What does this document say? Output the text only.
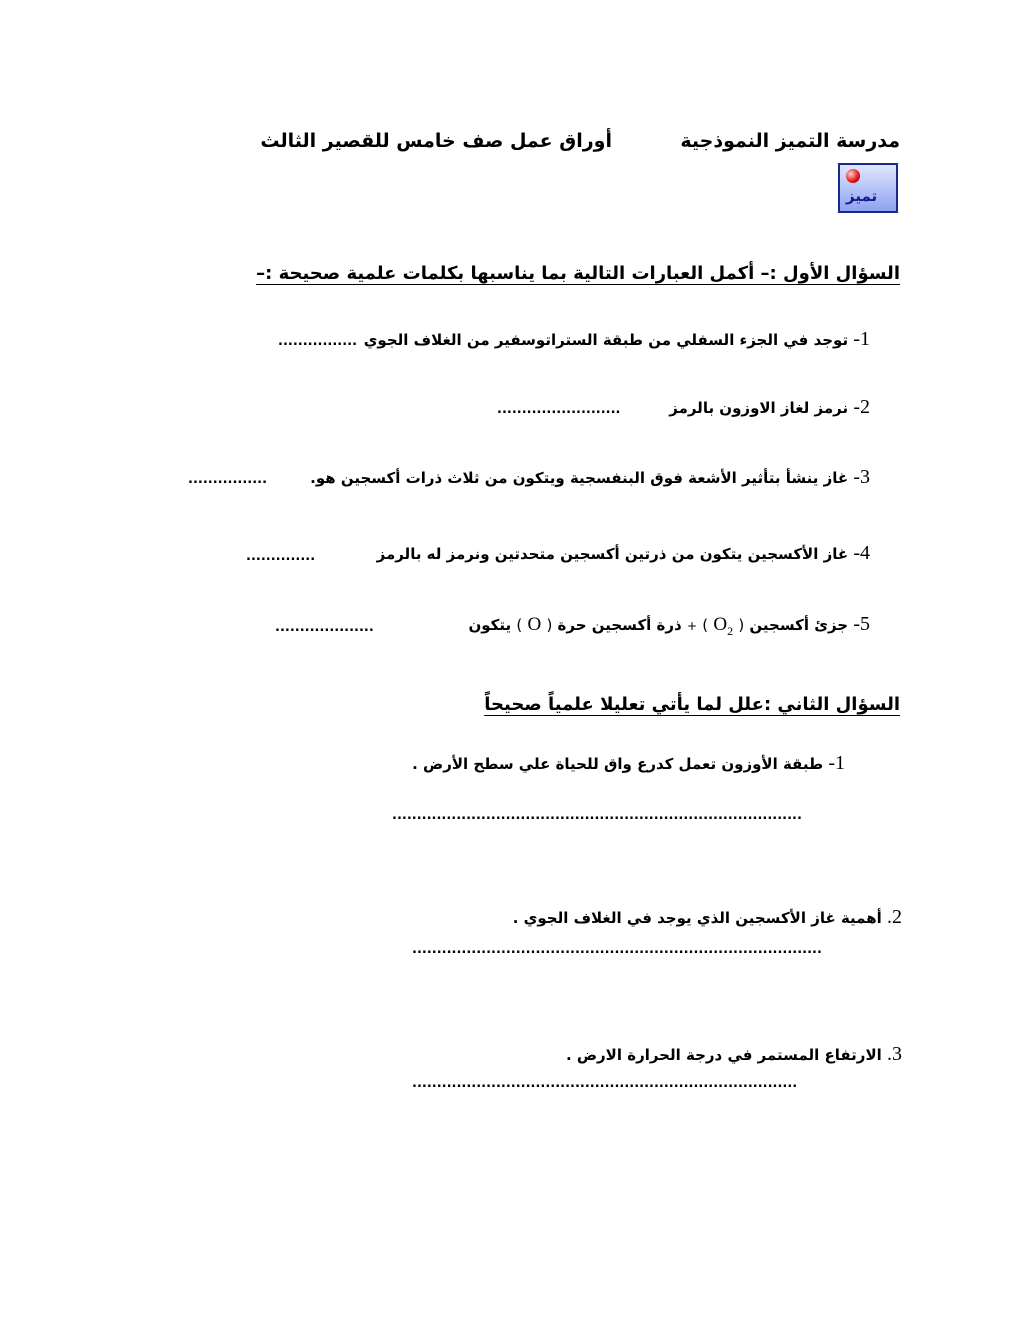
مدرسة التميز النموذجية
أوراق عمل صف خامس للقصير الثالث
تميز
السؤال الأول :– أكمل العبارات التالية بما يناسبها بكلمات علمية صحيحة :–
1- توجد في الجزء السفلي من طبقة الستراتوسفير من الغلاف الجوي
................
2- نرمز لغاز الاوزون بالرمز
.........................
3- غاز ينشأ بتأثير الأشعة فوق البنفسجية ويتكون من ثلاث ذرات أكسجين هو.
................
4- غاز الأكسجين يتكون من ذرتين أكسجين متحدتين ونرمز له بالرمز
..............
5- جزئ أكسجين ( $O_2$ ) + ذرة أكسجين حرة ( O ) يتكون
....................
السؤال الثاني :علل لما يأتي تعليلا علمياً صحيحاً
1- طبقة الأوزون تعمل كدرع واق للحياة علي سطح الأرض .
...................................................................................
2. أهمية غاز الأكسجين الذي يوجد في الغلاف الجوي .
...................................................................................
3. الارتفاع المستمر في درجة الحرارة الارض .
..............................................................................
